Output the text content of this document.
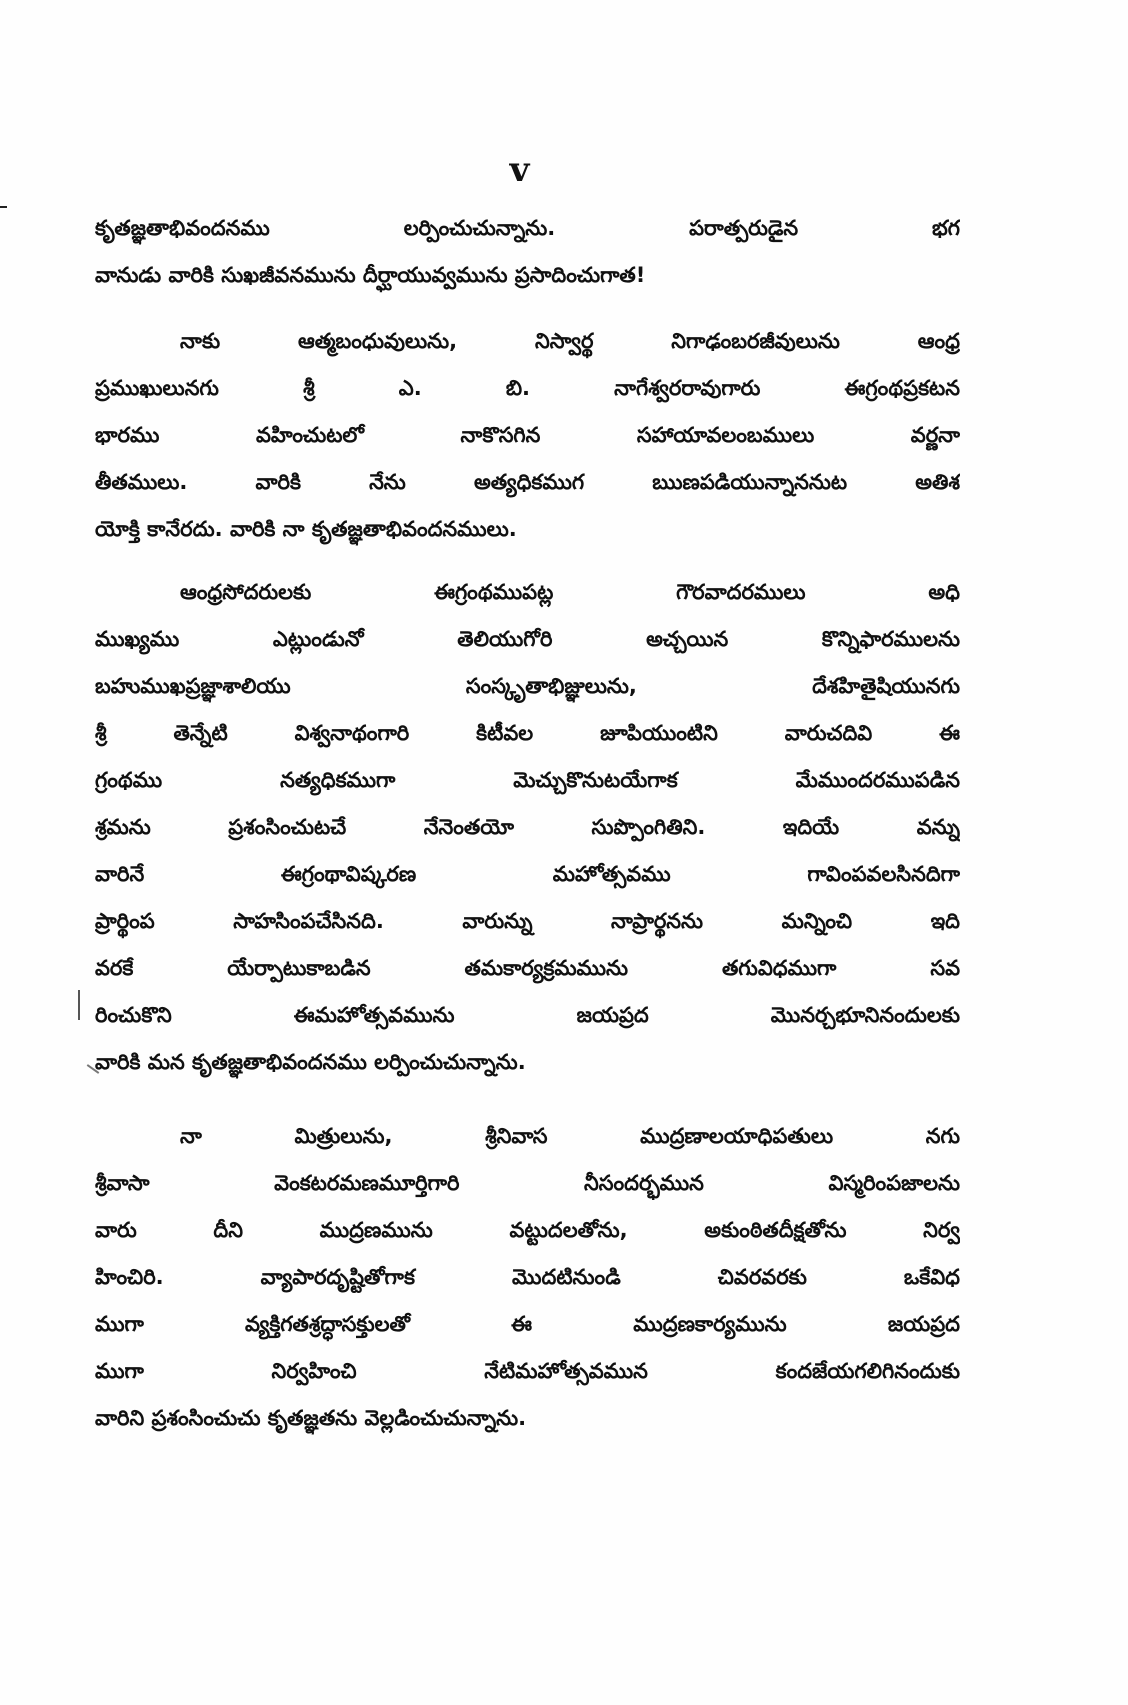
v
కృతజ్ఞతాభివందనము లర్పించుచున్నాను. పరాత్పరుడైన భగ
వానుడు వారికి సుఖజీవనమును దీర్ఘాయువ్వమును ప్రసాదించుగాత!
నాకు ఆత్మబంధువులును, నిస్వార్థ నిగాఢంబరజీవులును ఆంధ్ర
ప్రముఖులునగు శ్రీ ఎ. బి. నాగేశ్వరరావుగారు ఈగ్రంథప్రకటన
భారము వహించుటలో నాకొసగిన సహాయావలంబములు వర్ణనా
తీతములు. వారికి నేను అత్యధికముగ ఋణపడియున్నాననుట అతిశ
యోక్తి కానేరదు. వారికి నా కృతజ్ఞతాభివందనములు.
ఆంధ్రసోదరులకు ఈగ్రంథముపట్ల గౌరవాదరములు అధి
ముఖ్యము ఎట్లుండునో తెలియుగోరి అచ్చయిన కొన్నిఫారములను
బహుముఖప్రజ్ఞాశాలియు సంస్కృతాభిజ్ఞులును, దేశహితైషియునగు
శ్రీ తెన్నేటి విశ్వనాథంగారి కిటీవల జూపియుంటిని వారుచదివి ఈ
గ్రంథము నత్యధికముగా మెచ్చుకొనుటయేగాక మేముందరముపడిన
శ్రమను ప్రశంసించుటచే నేనెంతయో సుప్పొంగితిని. ఇదియే వన్ను
వారినే ఈగ్రంథావిష్కరణ మహోత్సవము గావింపవలసినదిగా
ప్రార్థింప సాహసింపచేసినది. వారున్ను నాప్రార్థనను మన్నించి ఇది
వరకే యేర్పాటుకాబడిన తమకార్యక్రమమును తగువిధముగా సవ
రించుకొని ఈమహోత్సవమును జయప్రద మొనర్చభూనినందులకు
వారికి మన కృతజ్ఞతాభివందనము లర్పించుచున్నాను.
నా మిత్రులును, శ్రీనివాస ముద్రణాలయాధిపతులు నగు
శ్రీవాసా వెంకటరమణమూర్తిగారి నీసందర్భమున విస్మరింపజాలను
వారు దీని ముద్రణమును వట్టుదలతోను, అకుంఠితదీక్షతోను నిర్వ
హించిరి. వ్యాపారదృష్టితోగాక మొదటినుండి చివరవరకు ఒకేవిధ
ముగా వ్యక్తిగతశ్రద్ధాసక్తులతో ఈ ముద్రణకార్యమును జయప్రద
ముగా నిర్వహించి నేటిమహోత్సవమున కందజేయగలిగినందుకు
వారిని ప్రశంసించుచు కృతజ్ఞతను వెల్లడించుచున్నాను.
